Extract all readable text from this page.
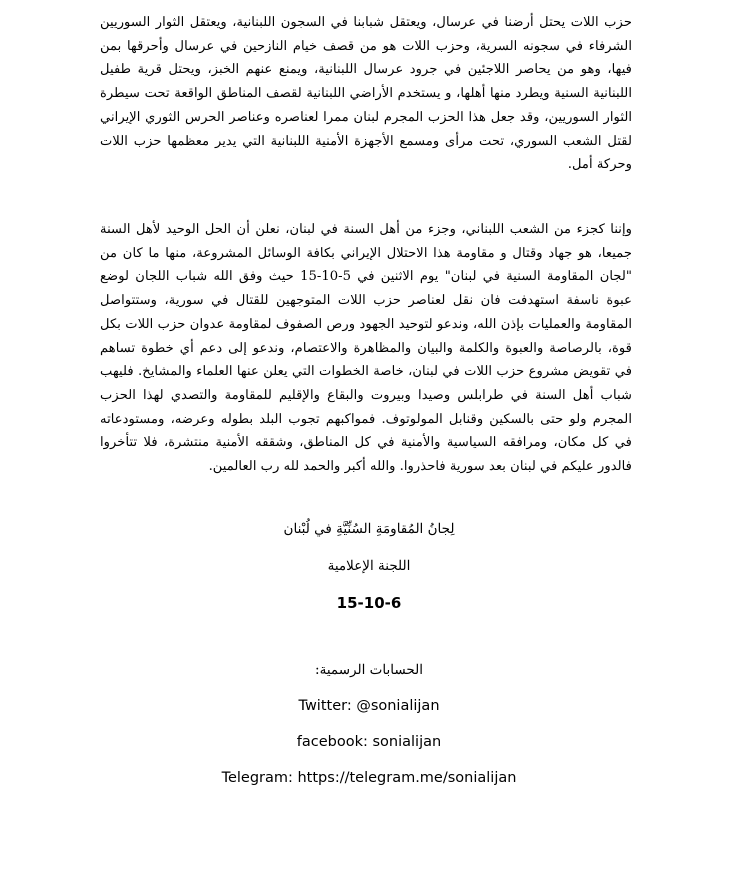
حزب اللات يحتل أرضنا في عرسال، ويعتقل شبابنا في السجون اللبنانية، ويعتقل الثوار السوريين الشرفاء في سجونه السرية، وحزب اللات هو من قصف خيام النازحين في عرسال وأحرقها بمن فيها، وهو من يحاصر اللاجئين في جرود عرسال اللبنانية، ويمنع عنهم الخبز، ويحتل قرية طفيل اللبنانية السنية ويطرد منها أهلها، و يستخدم الأراضي اللبنانية لقصف المناطق الواقعة تحت سيطرة الثوار السوريين، وقد جعل هذا الحزب المجرم لبنان ممرا لعناصره وعناصر الحرس الثوري الإيراني لقتل الشعب السوري، تحت مرأى ومسمع الأجهزة الأمنية اللبنانية التي يدير معظمها حزب اللات وحركة أمل.
وإننا كجزء من الشعب اللبناني، وجزء من أهل السنة في لبنان، نعلن أن الحل الوحيد لأهل السنة جميعا، هو جهاد وقتال و مقاومة هذا الاحتلال الإيراني بكافة الوسائل المشروعة، منها ما كان من "لجان المقاومة السنية في لبنان" يوم الاثنين في 5-10-15 حيث وفق الله شباب اللجان لوضع عبوة ناسفة استهدفت فان نقل لعناصر حزب اللات المتوجهين للقتال في سورية، وستتواصل المقاومة والعمليات بإذن الله، وندعو لتوحيد الجهود ورص الصفوف لمقاومة عدوان حزب اللات بكل قوة، بالرصاصة والعبوة والكلمة والبيان والمظاهرة والاعتصام، وندعو إلى دعم أي خطوة تساهم في تقويض مشروع حزب اللات في لبنان، خاصة الخطوات التي يعلن عنها العلماء والمشايخ. فليهب شباب أهل السنة في طرابلس وصيدا وبيروت والبقاع والإقليم للمقاومة والتصدي لهذا الحزب المجرم ولو حتى بالسكين وقنابل المولوتوف. فمواكبهم تجوب البلد بطوله وعرضه، ومستودعاته في كل مكان، ومرافقه السياسية والأمنية في كل المناطق، وشققه الأمنية منتشرة، فلا تتأخروا فالدور عليكم في لبنان بعد سورية فاحذروا. والله أكبر والحمد لله رب العالمين.
لِجانُ المُقاومَةِ السُنِّيَّةِ في لُبْنان
اللجنة الإعلامية
15-10-6
الحسابات الرسمية:
Twitter: @sonialijan
facebook: sonialijan
Telegram: https://telegram.me/sonialijan
